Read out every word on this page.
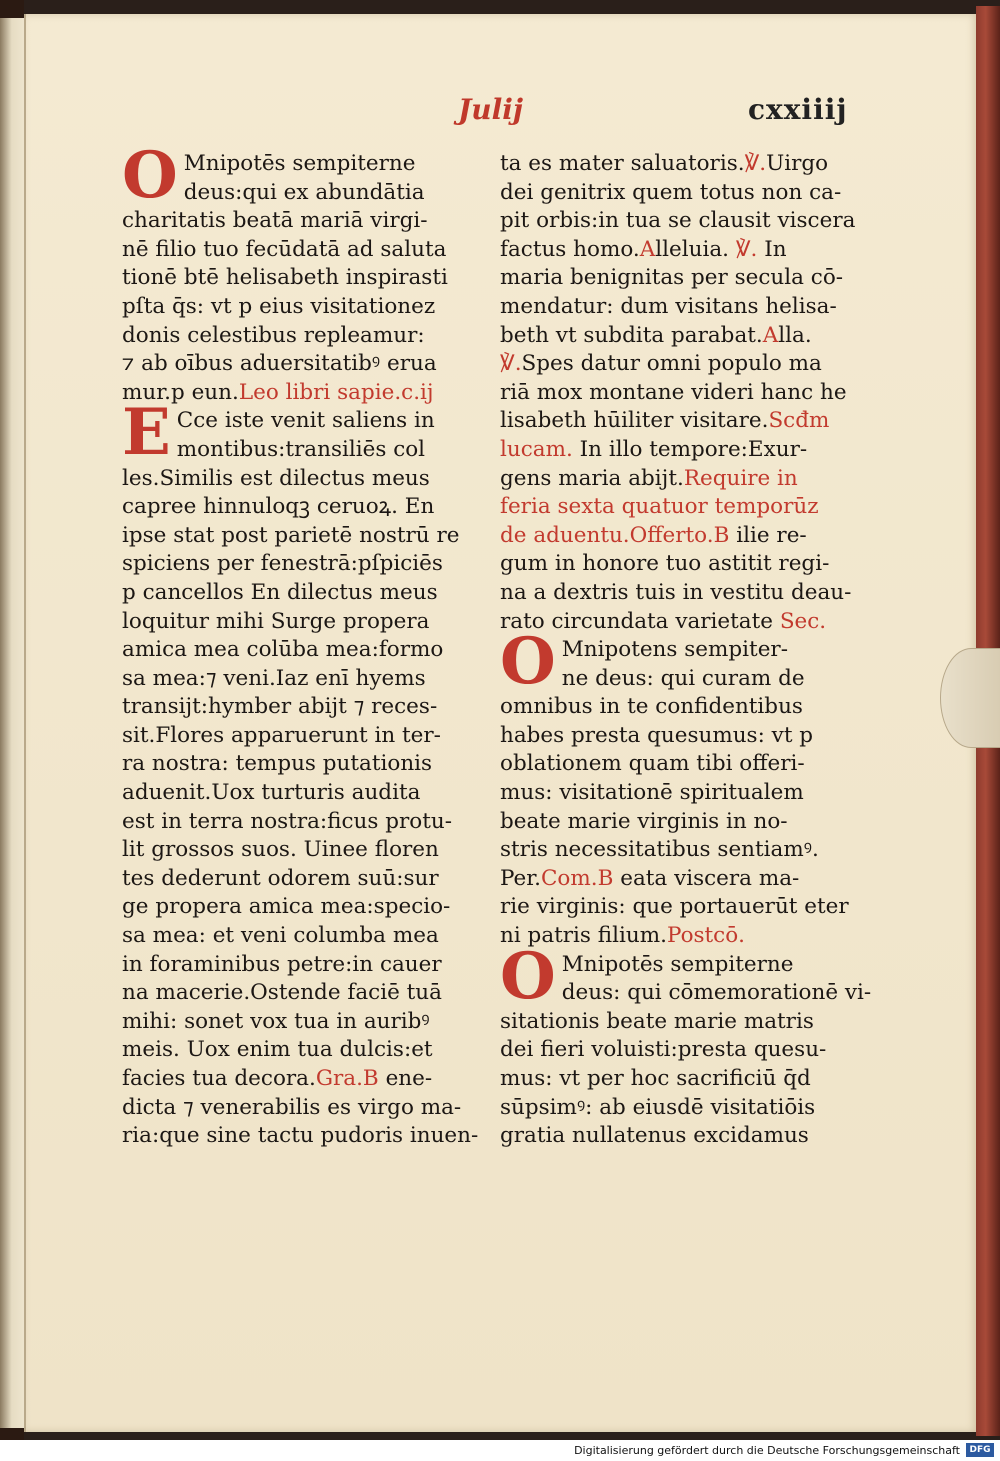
Julij	cxxiiij

O Mnipotēs sempiterne

deus:qui ex abundātia

charitatis beatā mariā virgi-

nē filio tuo fecūdatā ad saluta

tionē btē helisabeth inspirasti

pſta q̄s: vt p eius visitationez

donis celestibus repleamur:

⁊ ab oībus aduersitatibꝰ erua

mur.p eun.Leo libri sapie.c.ij

E Cce iste venit saliens in

montibus:transiliēs col

les.Similis est dilectus meus

capree hinnuloqꝫ ceruoꝝ. En

ipse stat post parietē nostrū re

spiciens per fenestrā:pſpiciēs

p cancellos En dilectus meus

loquitur mihi Surge propera

amica mea colūba mea:formo

sa mea:⁊ veni.Iaz enī hyems

transijt:hymber abijt ⁊ reces-

sit.Flores apparuerunt in ter-

ra nostra: tempus putationis

aduenit.Uox turturis audita

est in terra nostra:ficus protu-

lit grossos suos. Uinee floren

tes dederunt odorem suū:sur

ge propera amica mea:specio-

sa mea: et veni columba mea

in foraminibus petre:in cauer

na macerie.Ostende faciē tuā

mihi: sonet vox tua in auribꝰ

meis. Uox enim tua dulcis:et

facies tua decora.Gra.B ene-

dicta ⁊ venerabilis es virgo ma-

ria:que sine tactu pudoris inuen-

ta es mater saluatoris.℣.Uirgo

dei genitrix quem totus non ca-

pit orbis:in tua se clausit viscera

factus homo.Alleluia. ℣. In

maria benignitas per secula cō-

mendatur: dum visitans helisa-

beth vt subdita parabat.Alla.

℣.Spes datur omni populo ma

riā mox montane videri hanc he

lisabeth hūiliter visitare.Scđm

lucam. In illo tempore:Exur-

gens maria abijt.Require in

feria sexta quatuor temporūz

de aduentu.Offerto.B ilie re-

gum in honore tuo astitit regi-

na a dextris tuis in vestitu deau-

rato circundata varietate Sec.

O Mnipotens sempiter-

ne deus: qui curam de

omnibus in te confidentibus

habes presta quesumus: vt p

oblationem quam tibi offeri-

mus: visitationē spiritualem

beate marie virginis in no-

stris necessitatibus sentiamꝰ.

Per.Com.B eata viscera ma-

rie virginis: que portauerūt eter

ni patris filium.Postcō.

O Mnipotēs sempiterne

deus: qui cōmemorationē vi-

sitationis beate marie matris

dei fieri voluisti:presta quesu-

mus: vt per hoc sacrificiū q̄d

sūpsimꝰ: ab eiusdē visitatiōis

gratia nullatenus excidamus

Digitalisierung gefördert durch die Deutsche Forschungsgemeinschaft	DFG
